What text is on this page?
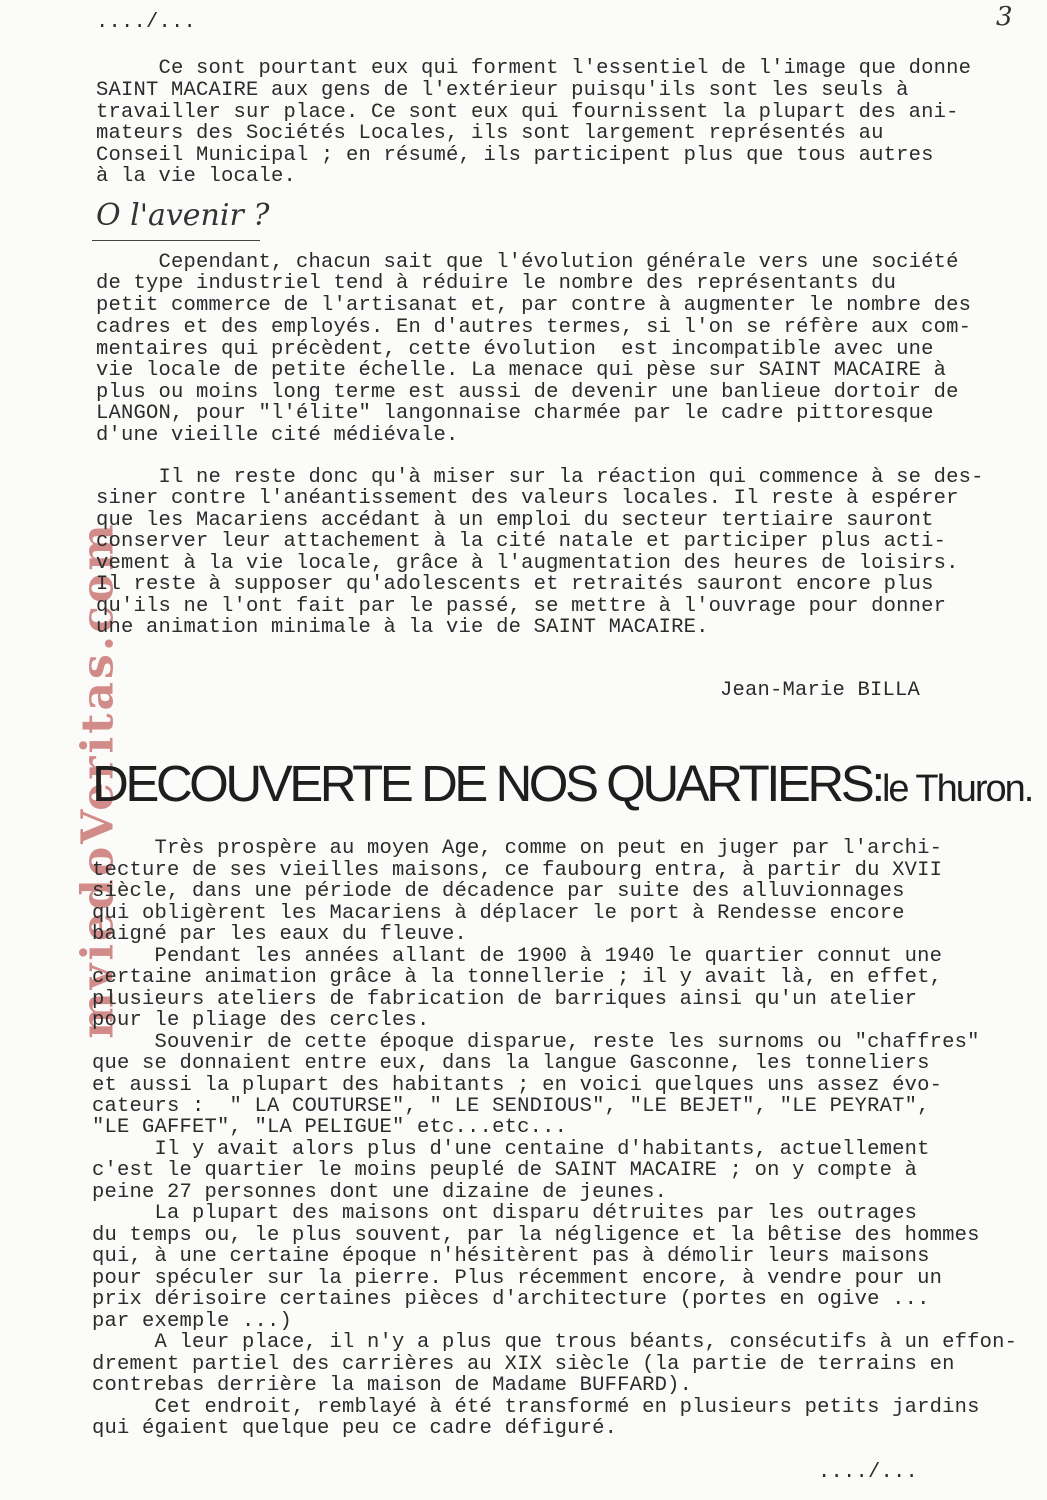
..../...	3
mviedoVeritas.com
Ce sont pourtant eux qui forment l'essentiel de l'image que donne
SAINT MACAIRE aux gens de l'extérieur puisqu'ils sont les seuls à
travailler sur place. Ce sont eux qui fournissent la plupart des ani-
mateurs des Sociétés Locales, ils sont largement représentés au
Conseil Municipal ; en résumé, ils participent plus que tous autres
à la vie locale.
O l'avenir ?
Cependant, chacun sait que l'évolution générale vers une société
de type industriel tend à réduire le nombre des représentants du
petit commerce de l'artisanat et, par contre à augmenter le nombre des
cadres et des employés. En d'autres termes, si l'on se réfère aux com-
mentaires qui précèdent, cette évolution  est incompatible avec une
vie locale de petite échelle. La menace qui pèse sur SAINT MACAIRE à
plus ou moins long terme est aussi de devenir une banlieue dortoir de
LANGON, pour "l'élite" langonnaise charmée par le cadre pittoresque
d'une vieille cité médiévale.
Il ne reste donc qu'à miser sur la réaction qui commence à se des-
siner contre l'anéantissement des valeurs locales. Il reste à espérer
que les Macariens accédant à un emploi du secteur tertiaire sauront
conserver leur attachement à la cité natale et participer plus acti-
vement à la vie locale, grâce à l'augmentation des heures de loisirs.
Il reste à supposer qu'adolescents et retraités sauront encore plus
qu'ils ne l'ont fait par le passé, se mettre à l'ouvrage pour donner
une animation minimale à la vie de SAINT MACAIRE.
Jean-Marie BILLA
DECOUVERTE DE NOS QUARTIERS:le Thuron.
Très prospère au moyen Age, comme on peut en juger par l'archi-
tecture de ses vieilles maisons, ce faubourg entra, à partir du XVII
siècle, dans une période de décadence par suite des alluvionnages
qui obligèrent les Macariens à déplacer le port à Rendesse encore
baigné par les eaux du fleuve.
Pendant les années allant de 1900 à 1940 le quartier connut une
certaine animation grâce à la tonnellerie ; il y avait là, en effet,
plusieurs ateliers de fabrication de barriques ainsi qu'un atelier
pour le pliage des cercles.
Souvenir de cette époque disparue, reste les surnoms ou "chaffres"
que se donnaient entre eux, dans la langue Gasconne, les tonneliers
et aussi la plupart des habitants ; en voici quelques uns assez évo-
cateurs :  " LA COUTURSE", " LE SENDIOUS", "LE BEJET", "LE PEYRAT",
"LE GAFFET", "LA PELIGUE" etc...etc...
Il y avait alors plus d'une centaine d'habitants, actuellement
c'est le quartier le moins peuplé de SAINT MACAIRE ; on y compte à
peine 27 personnes dont une dizaine de jeunes.
La plupart des maisons ont disparu détruites par les outrages
du temps ou, le plus souvent, par la négligence et la bêtise des hommes
qui, à une certaine époque n'hésitèrent pas à démolir leurs maisons
pour spéculer sur la pierre. Plus récemment encore, à vendre pour un
prix dérisoire certaines pièces d'architecture (portes en ogive ...
par exemple ...)
A leur place, il n'y a plus que trous béants, consécutifs à un effon-
drement partiel des carrières au XIX siècle (la partie de terrains en
contrebas derrière la maison de Madame BUFFARD).
Cet endroit, remblayé à été transformé en plusieurs petits jardins
qui égaient quelque peu ce cadre défiguré.
..../...
